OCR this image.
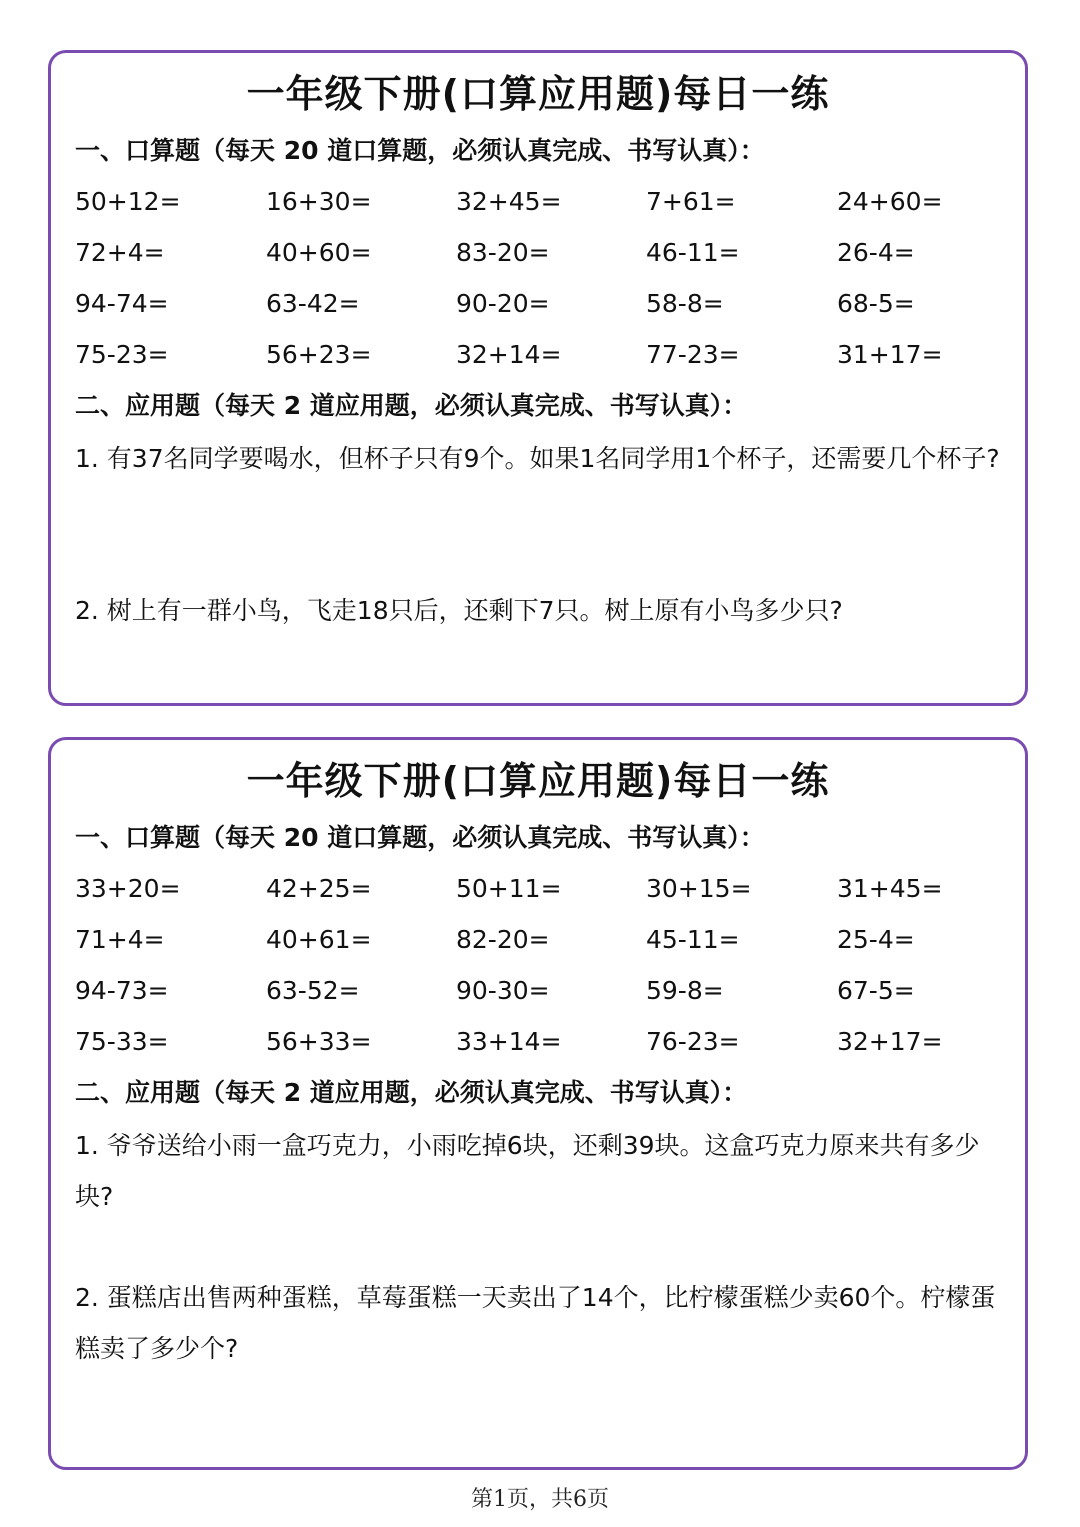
一年级下册(口算应用题)每日一练
一、口算题（每天 20 道口算题，必须认真完成、书写认真）：
50+12=	16+30=	32+45=	7+61=	24+60=
72+4=	40+60=	83-20=	46-11=	26-4=
94-74=	63-42=	90-20=	58-8=	68-5=
75-23=	56+23=	32+14=	77-23=	31+17=
二、应用题（每天 2 道应用题，必须认真完成、书写认真）：
1. 有37名同学要喝水，但杯子只有9个。如果1名同学用1个杯子，还需要几个杯子?
2. 树上有一群小鸟，飞走18只后，还剩下7只。树上原有小鸟多少只?
一年级下册(口算应用题)每日一练
一、口算题（每天 20 道口算题，必须认真完成、书写认真）：
33+20=	42+25=	50+11=	30+15=	31+45=
71+4=	40+61=	82-20=	45-11=	25-4=
94-73=	63-52=	90-30=	59-8=	67-5=
75-33=	56+33=	33+14=	76-23=	32+17=
二、应用题（每天 2 道应用题，必须认真完成、书写认真）：
1. 爷爷送给小雨一盒巧克力，小雨吃掉6块，还剩39块。这盒巧克力原来共有多少块?
2. 蛋糕店出售两种蛋糕，草莓蛋糕一天卖出了14个，比柠檬蛋糕少卖60个。柠檬蛋糕卖了多少个?
第1页，共6页
